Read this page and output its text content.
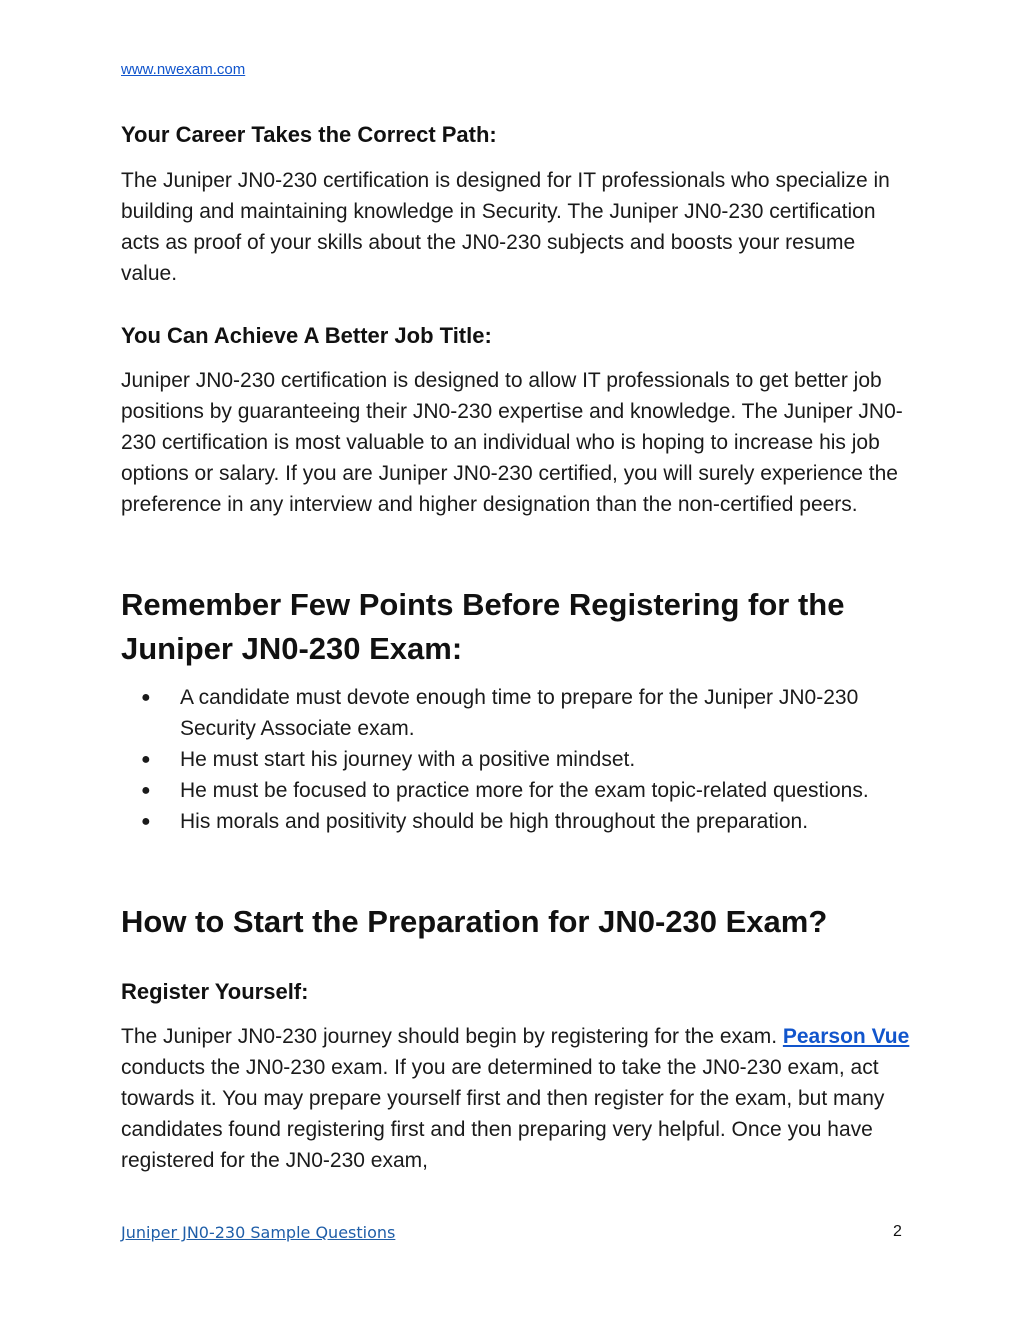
www.nwexam.com
Your Career Takes the Correct Path:

The Juniper JN0-230 certification is designed for IT professionals who specialize in building and maintaining knowledge in Security. The Juniper JN0-230 certification acts as proof of your skills about the JN0-230 subjects and boosts your resume value.

You Can Achieve A Better Job Title:

Juniper JN0-230 certification is designed to allow IT professionals to get better job positions by guaranteeing their JN0-230 expertise and knowledge. The Juniper JN0-230 certification is most valuable to an individual who is hoping to increase his job options or salary. If you are Juniper JN0-230 certified, you will surely experience the preference in any interview and higher designation than the non-certified peers.

Remember Few Points Before Registering for the Juniper JN0-230 Exam:
● A candidate must devote enough time to prepare for the Juniper JN0-230 Security Associate exam.
● He must start his journey with a positive mindset.
● He must be focused to practice more for the exam topic-related questions.
● His morals and positivity should be high throughout the preparation.
How to Start the Preparation for JN0-230 Exam?
Register Yourself:

The Juniper JN0-230 journey should begin by registering for the exam. Pearson Vue conducts the JN0-230 exam. If you are determined to take the JN0-230 exam, act towards it. You may prepare yourself first and then register for the exam, but many candidates found registering first and then preparing very helpful. Once you have registered for the JN0-230 exam,

Juniper JN0-230 Sample Questions	2
